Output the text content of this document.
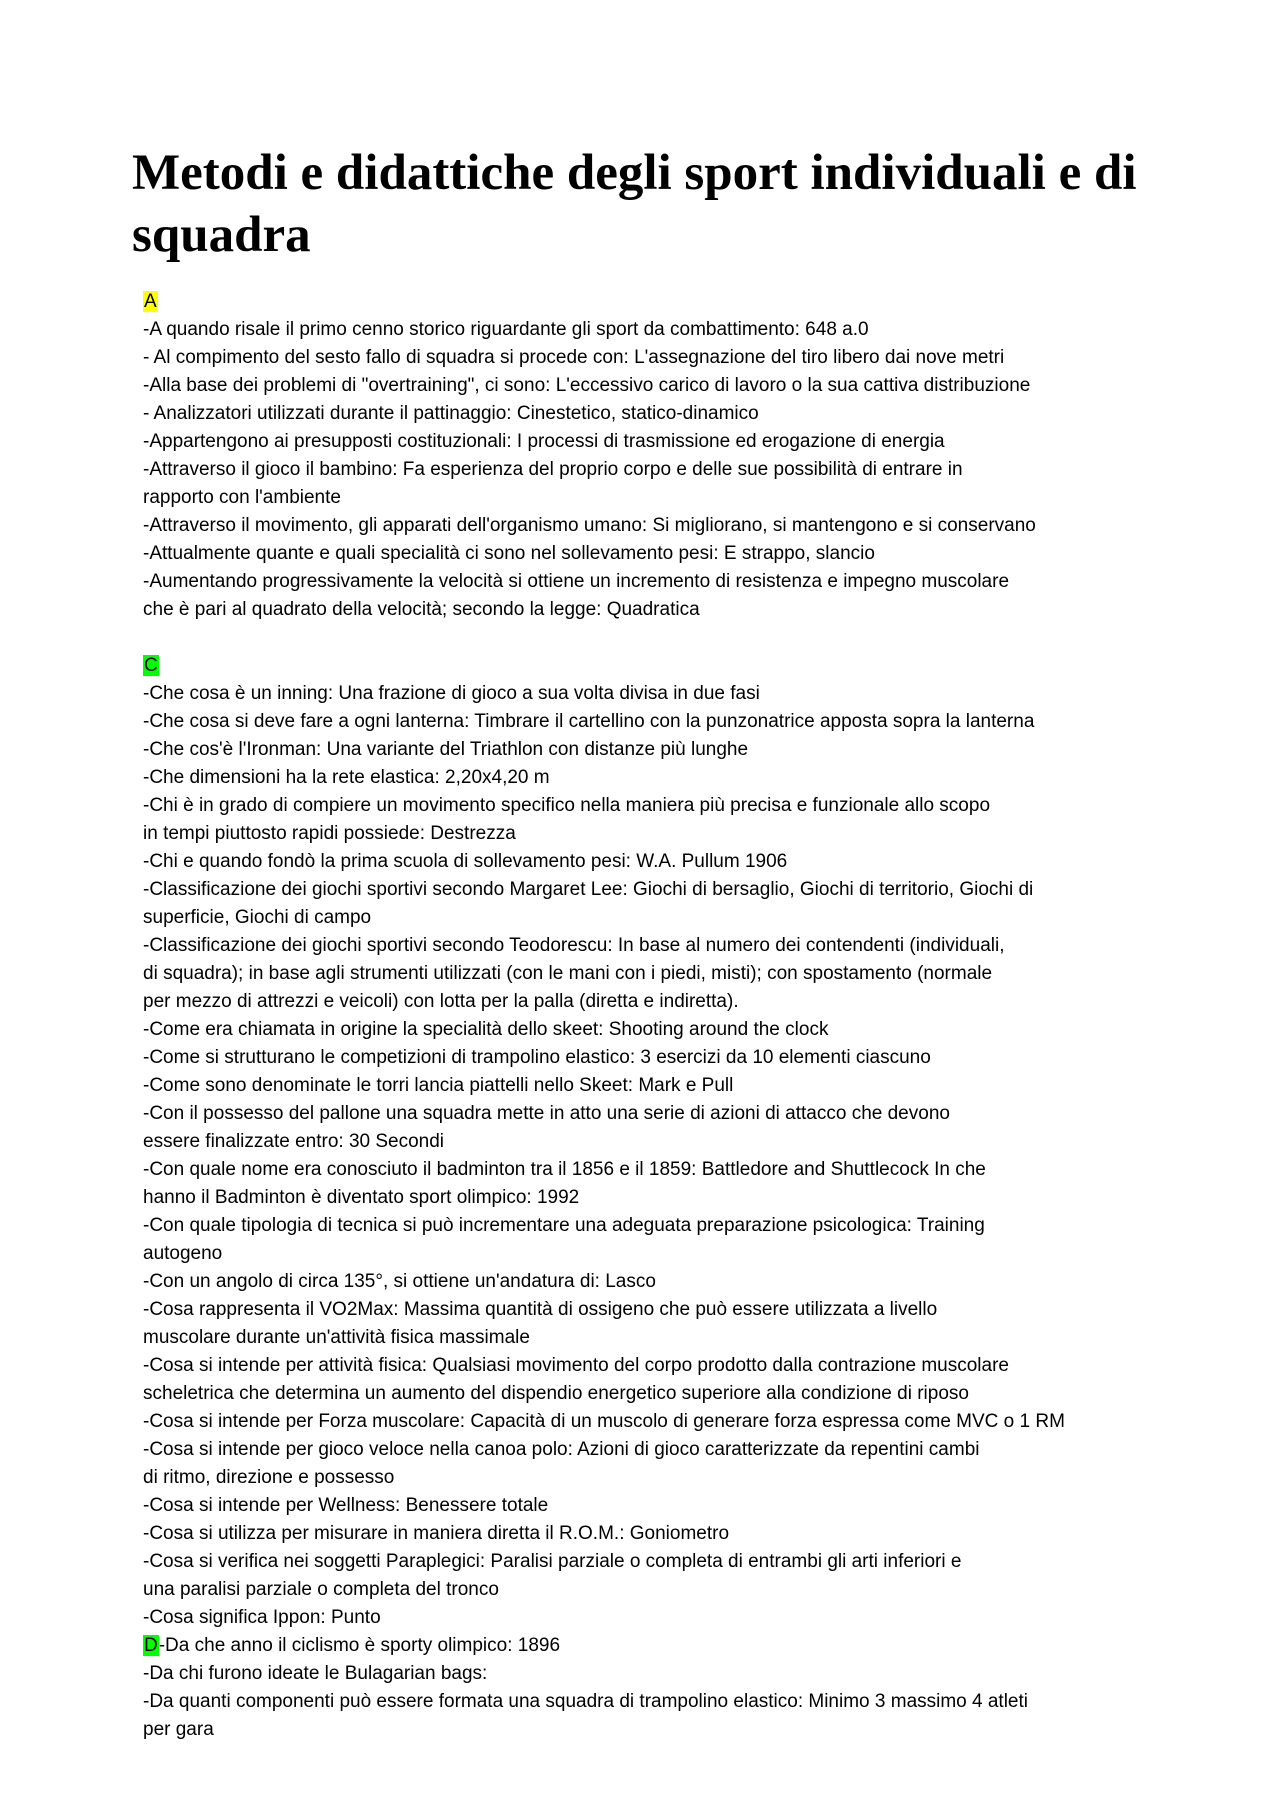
Metodi e didattiche degli sport individuali e di squadra
A
-A quando risale il primo cenno storico riguardante gli sport da combattimento: 648 a.0
- Al compimento del sesto fallo di squadra si procede con: L'assegnazione del tiro libero dai nove metri
-Alla base dei problemi di "overtraining", ci sono: L'eccessivo carico di lavoro o la sua cattiva distribuzione
- Analizzatori utilizzati durante il pattinaggio: Cinestetico, statico-dinamico
-Appartengono ai presupposti costituzionali: I processi di trasmissione ed erogazione di energia
-Attraverso il gioco il bambino: Fa esperienza del proprio corpo e delle sue possibilità di entrare in
rapporto con l'ambiente
-Attraverso il movimento, gli apparati dell'organismo umano: Si migliorano, si mantengono e si conservano
-Attualmente quante e quali specialità ci sono nel sollevamento pesi: E strappo, slancio
-Aumentando progressivamente la velocità si ottiene un incremento di resistenza e impegno muscolare
che è pari al quadrato della velocità; secondo la legge: Quadratica
C
-Che cosa è un inning: Una frazione di gioco a sua volta divisa in due fasi
-Che cosa si deve fare a ogni lanterna: Timbrare il cartellino con la punzonatrice apposta sopra la lanterna
-Che cos'è l'Ironman: Una variante del Triathlon con distanze più lunghe
-Che dimensioni ha la rete elastica: 2,20x4,20 m
-Chi è in grado di compiere un movimento specifico nella maniera più precisa e funzionale allo scopo
in tempi piuttosto rapidi possiede: Destrezza
-Chi e quando fondò la prima scuola di sollevamento pesi: W.A. Pullum 1906
-Classificazione dei giochi sportivi secondo Margaret Lee: Giochi di bersaglio, Giochi di territorio, Giochi di
superficie, Giochi di campo
-Classificazione dei giochi sportivi secondo Teodorescu: In base al numero dei contendenti (individuali,
di squadra); in base agli strumenti utilizzati (con le mani con i piedi, misti); con spostamento (normale
per mezzo di attrezzi e veicoli) con lotta per la palla (diretta e indiretta).
-Come era chiamata in origine la specialità dello skeet: Shooting around the clock
-Come si strutturano le competizioni di trampolino elastico: 3 esercizi da 10 elementi ciascuno
-Come sono denominate le torri lancia piattelli nello Skeet: Mark e Pull
-Con il possesso del pallone una squadra mette in atto una serie di azioni di attacco che devono
essere finalizzate entro: 30 Secondi
-Con quale nome era conosciuto il badminton tra il 1856 e il 1859: Battledore and Shuttlecock In che
hanno il Badminton è diventato sport olimpico: 1992
-Con quale tipologia di tecnica si può incrementare una adeguata preparazione psicologica: Training
autogeno
-Con un angolo di circa 135°, si ottiene un'andatura di: Lasco
-Cosa rappresenta il VO2Max: Massima quantità di ossigeno che può essere utilizzata a livello
muscolare durante un'attività fisica massimale
-Cosa si intende per attività fisica: Qualsiasi movimento del corpo prodotto dalla contrazione muscolare
scheletrica che determina un aumento del dispendio energetico superiore alla condizione di riposo
-Cosa si intende per Forza muscolare: Capacità di un muscolo di generare forza espressa come MVC o 1 RM
-Cosa si intende per gioco veloce nella canoa polo: Azioni di gioco caratterizzate da repentini cambi
di ritmo, direzione e possesso
-Cosa si intende per Wellness: Benessere totale
-Cosa si utilizza per misurare in maniera diretta il R.O.M.: Goniometro
-Cosa si verifica nei soggetti Paraplegici: Paralisi parziale o completa di entrambi gli arti inferiori e
una paralisi parziale o completa del tronco
-Cosa significa Ippon: Punto
D-Da che anno il ciclismo è sporty olimpico: 1896
-Da chi furono ideate le Bulagarian bags:
-Da quanti componenti può essere formata una squadra di trampolino elastico: Minimo 3 massimo 4 atleti
per gara
